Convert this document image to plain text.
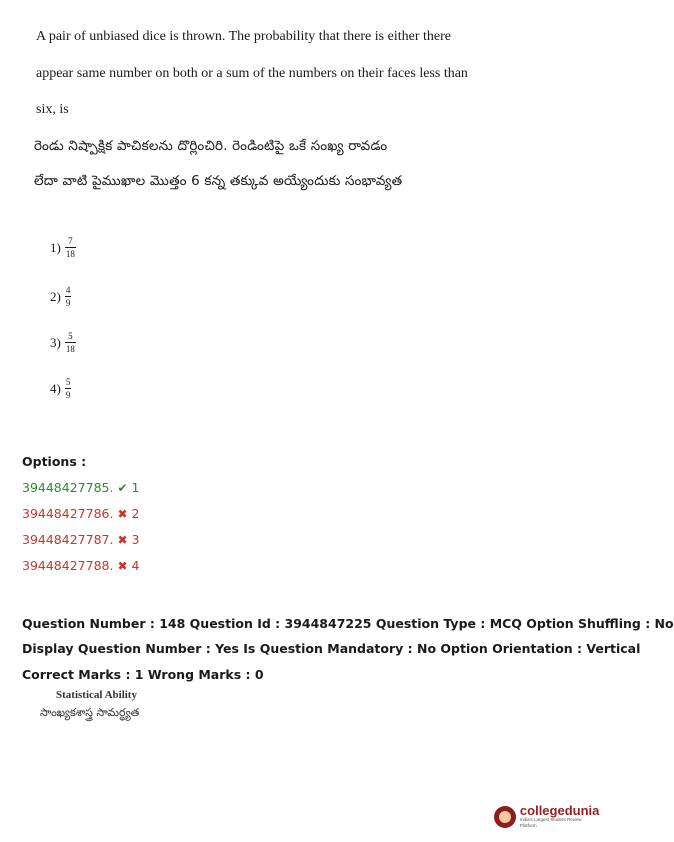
A pair of unbiased dice is thrown. The probability that there is either there
appear same number on both or a sum of the numbers on their faces less than
six, is
రెండు నిష్పాక్షిక పాచికలను దొర్లించిరి. రెండింటిపై ఒకే సంఖ్య రావడం
లేదా వాటి పైముఖాల మొత్తం 6 కన్న తక్కువ అయ్యేందుకు సంభావ్యత
$1) \frac{7}{18}$
$2) \frac{4}{9}$
$3) \frac{5}{18}$
$4) \frac{5}{9}$
Options :
39448427785. ✔ 1
39448427786. ✖ 2
39448427787. ✖ 3
39448427788. ✖ 4
Question Number : 148 Question Id : 3944847225 Question Type : MCQ Option Shuffling : No
Display Question Number : Yes Is Question Mandatory : No Option Orientation : Vertical
Correct Marks : 1 Wrong Marks : 0
Statistical Ability
సాంఖ్యకశాస్త్ర సామర్థ్యత
collegedunia
India's Largest Student Review Platform
